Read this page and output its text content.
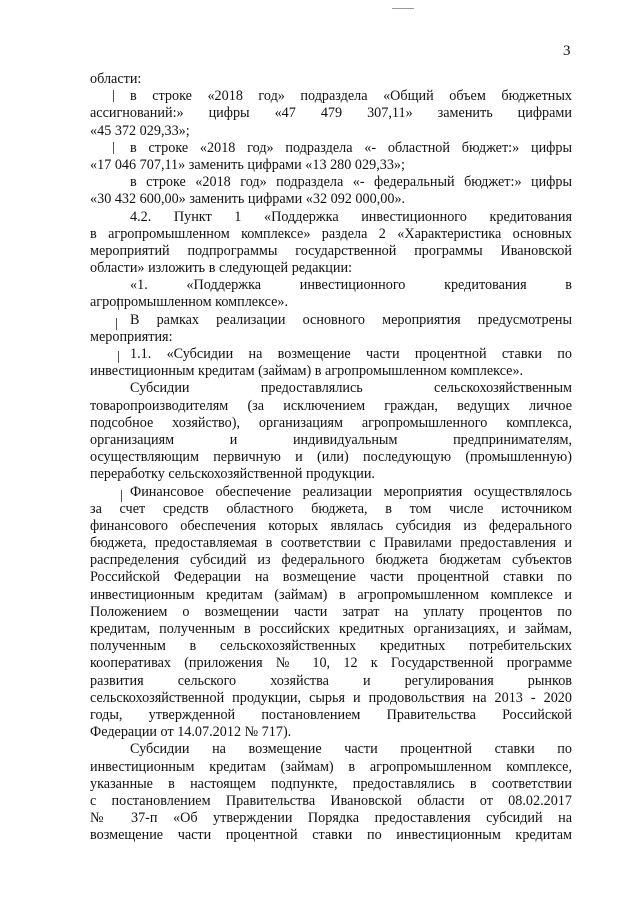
3
области:
в строке «2018 год» подраздела «Общий объем бюджетных
ассигнований:» цифры «47 479 307,11» заменить цифрами
«45 372 029,33»;
в строке «2018 год» подраздела «- областной бюджет:» цифры
«17 046 707,11» заменить цифрами «13 280 029,33»;
в строке «2018 год» подраздела «- федеральный бюджет:» цифры
«30 432 600,00» заменить цифрами «32 092 000,00».
4.2. Пункт 1 «Поддержка инвестиционного кредитования
в агропромышленном комплексе» раздела 2 «Характеристика основных
мероприятий подпрограммы государственной программы Ивановской
области» изложить в следующей редакции:
«1. «Поддержка инвестиционного кредитования в
агропромышленном комплексе».
В рамках реализации основного мероприятия предусмотрены
мероприятия:
1.1. «Субсидии на возмещение части процентной ставки по
инвестиционным кредитам (займам) в агропромышленном комплексе».
Субсидии предоставлялись сельскохозяйственным
товаропроизводителям (за исключением граждан, ведущих личное
подсобное хозяйство), организациям агропромышленного комплекса,
организациям и индивидуальным предпринимателям,
осуществляющим первичную и (или) последующую (промышленную)
переработку сельскохозяйственной продукции.
Финансовое обеспечение реализации мероприятия осуществлялось
за счет средств областного бюджета, в том числе источником
финансового обеспечения которых являлась субсидия из федерального
бюджета, предоставляемая в соответствии с Правилами предоставления и
распределения субсидий из федерального бюджета бюджетам субъектов
Российской Федерации на возмещение части процентной ставки по
инвестиционным кредитам (займам) в агропромышленном комплексе и
Положением о возмещении части затрат на уплату процентов по
кредитам, полученным в российских кредитных организациях, и займам,
полученным в сельскохозяйственных кредитных потребительских
кооперативах (приложения № 10, 12 к Государственной программе
развития сельского хозяйства и регулирования рынков
сельскохозяйственной продукции, сырья и продовольствия на 2013 - 2020
годы, утвержденной постановлением Правительства Российской
Федерации от 14.07.2012 № 717).
Субсидии на возмещение части процентной ставки по
инвестиционным кредитам (займам) в агропромышленном комплексе,
указанные в настоящем подпункте, предоставлялись в соответствии
с постановлением Правительства Ивановской области от 08.02.2017
№ 37-п «Об утверждении Порядка предоставления субсидий на
возмещение части процентной ставки по инвестиционным кредитам
